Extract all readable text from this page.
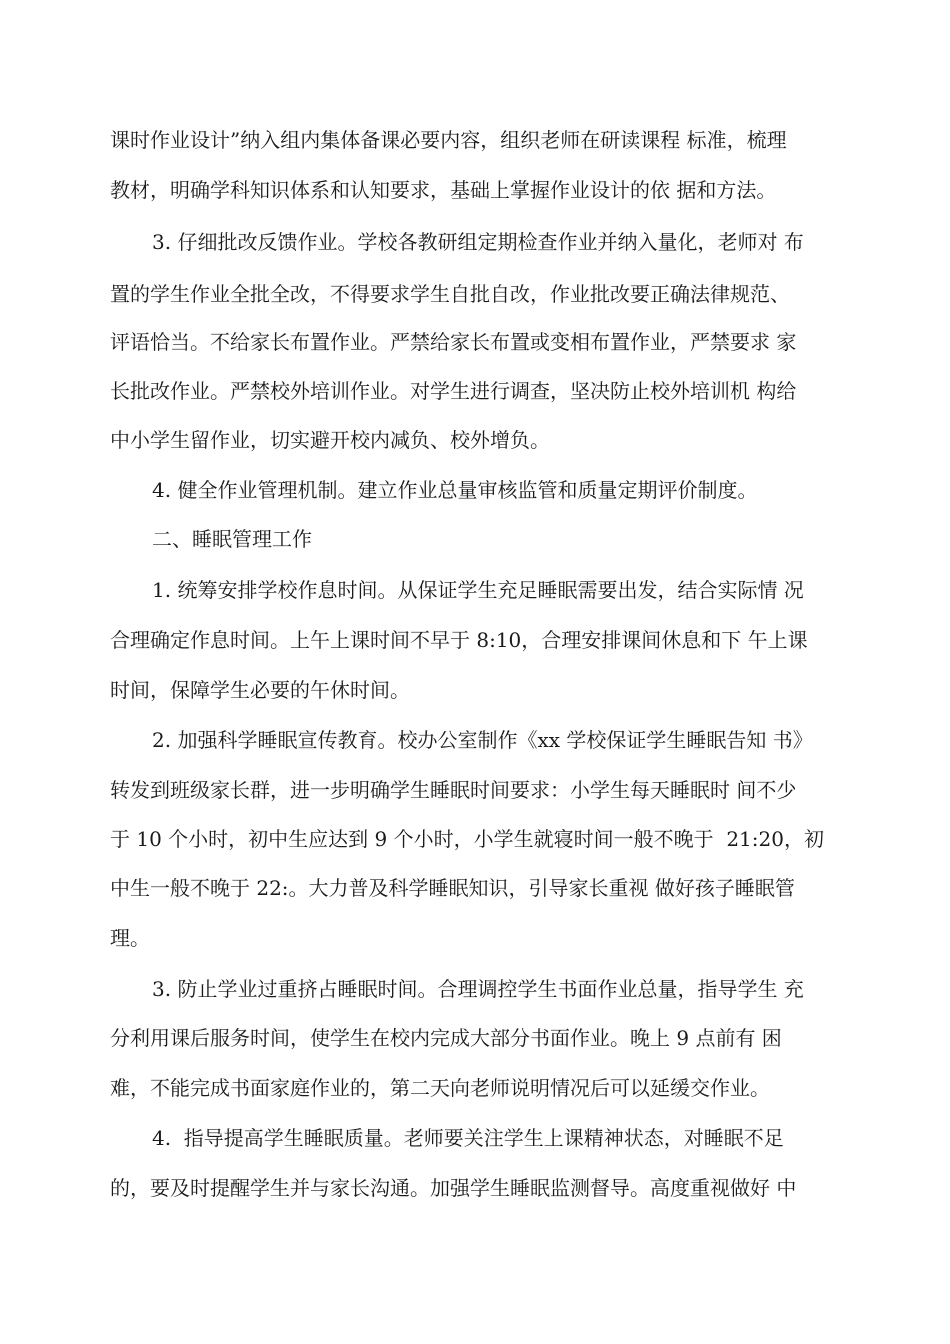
课时作业设计”纳入组内集体备课必要内容，组织老师在研读课程 标准，梳理
教材，明确学科知识体系和认知要求，基础上掌握作业设计的依 据和方法。
3. 仔细批改反馈作业。学校各教研组定期检查作业并纳入量化，老师对 布
置的学生作业全批全改，不得要求学生自批自改，作业批改要正确法律规范、
评语恰当。不给家长布置作业。严禁给家长布置或变相布置作业，严禁要求 家
长批改作业。严禁校外培训作业。对学生进行调查，坚决防止校外培训机 构给
中小学生留作业，切实避开校内减负、校外增负。
4. 健全作业管理机制。建立作业总量审核监管和质量定期评价制度。
二、睡眠管理工作
1. 统筹安排学校作息时间。从保证学生充足睡眠需要出发，结合实际情 况
合理确定作息时间。上午上课时间不早于 8:10，合理安排课间休息和下 午上课
时间，保障学生必要的午休时间。
2. 加强科学睡眠宣传教育。校办公室制作《xx 学校保证学生睡眠告知 书》
转发到班级家长群，进一步明确学生睡眠时间要求：小学生每天睡眠时 间不少
于 10 个小时，初中生应达到 9 个小时，小学生就寝时间一般不晚于  21:20，初
中生一般不晚于 22:。大力普及科学睡眠知识，引导家长重视 做好孩子睡眠管
理。
3. 防止学业过重挤占睡眠时间。合理调控学生书面作业总量，指导学生 充
分利用课后服务时间，使学生在校内完成大部分书面作业。晚上 9 点前有 困
难，不能完成书面家庭作业的，第二天向老师说明情况后可以延缓交作业。
4.  指导提高学生睡眠质量。老师要关注学生上课精神状态，对睡眠不足
的，要及时提醒学生并与家长沟通。加强学生睡眠监测督导。高度重视做好 中
